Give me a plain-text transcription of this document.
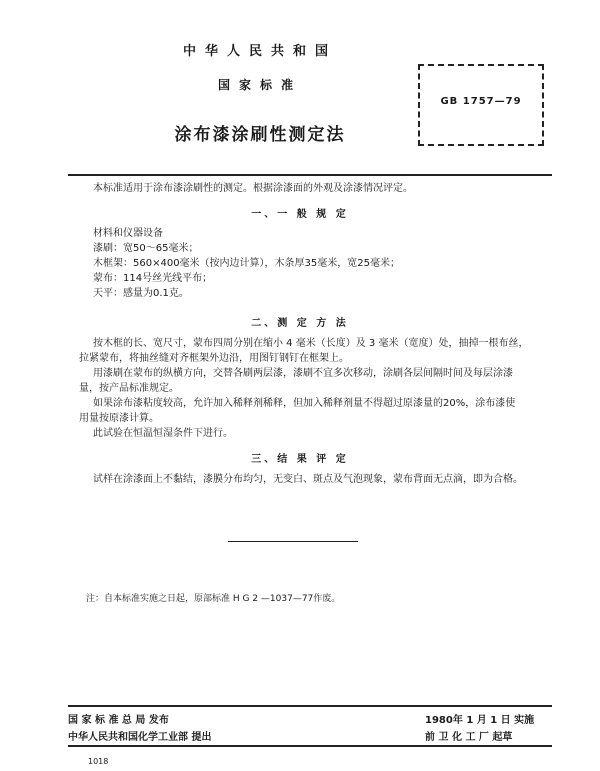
中华人民共和国
国家标准
涂布漆涂刷性测定法
GB 1757—79
本标准适用于涂布漆涂刷性的测定。根据涂漆面的外观及涂漆情况评定。
一、一 般 规 定
材料和仪器设备
漆刷：宽50～65毫米；
木框架：560×400毫米（按内边计算），木条厚35毫米，宽25毫米；
蒙布：114号丝光线平布；
天平：感量为0.1克。
二、测 定 方 法
按木框的长、宽尺寸，蒙布四周分别在缩小 4 毫米（长度）及 3 毫米（宽度）处，抽掉一根布丝，
拉紧蒙布，将抽丝缝对齐框架外边沿，用图钉钢钉在框架上。
用漆刷在蒙布的纵横方向，交替各刷两层漆，漆刷不宜多次移动，涂刷各层间隔时间及每层涂漆
量，按产品标准规定。
如果涂布漆粘度较高，允许加入稀释剂稀释，但加入稀释剂量不得超过原漆量的20%，涂布漆使
用量按原漆计算。
此试验在恒温恒湿条件下进行。
三、结 果 评 定
试样在涂漆面上不黏结，漆膜分布均匀，无变白、斑点及气泡现象，蒙布背面无点滴，即为合格。
注：自本标准实施之日起，原部标准 H G 2 —1037—77作废。
国 家 标 准 总 局 发布	1980年 1 月 1 日 实施
中华人民共和国化学工业部 提出	前 卫 化 工 厂 起草
1018
